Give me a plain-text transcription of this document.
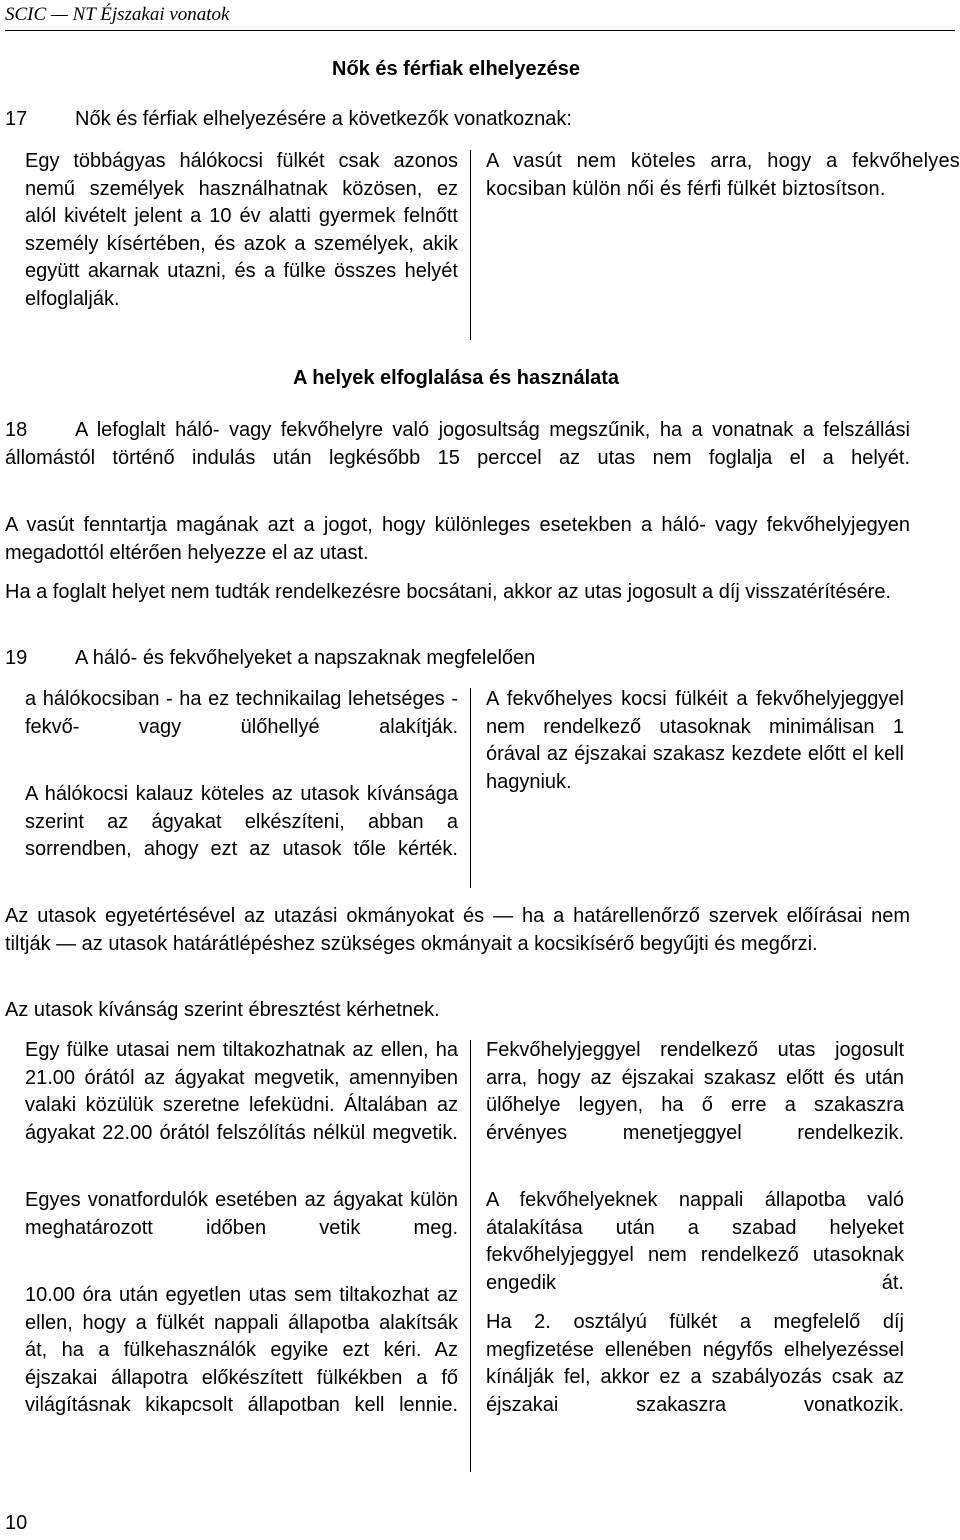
SCIC — NT Éjszakai vonatok
Nők és férfiak elhelyezése
17 Nők és férfiak elhelyezésére a következők vonatkoznak:

Egy többágyas hálókocsi fülkét csak azonos nemű személyek használhatnak közösen, ez alól kivételt jelent a 10 év alatti gyermek felnőtt személy kísértében, és azok a személyek, akik együtt akarnak utazni, és a fülke összes helyét elfoglalják.

A vasút nem köteles arra, hogy a fekvőhelyes kocsiban külön női és férfi fülkét biztosítson.

A helyek elfoglalása és használata

18 A lefoglalt háló- vagy fekvőhelyre való jogosultság megszűnik, ha a vonatnak a felszállási állomástól történő indulás után legkésőbb 15 perccel az utas nem foglalja el a helyét.

A vasút fenntartja magának azt a jogot, hogy különleges esetekben a háló- vagy fekvőhelyjegyen megadottól eltérően helyezze el az utast.

Ha a foglalt helyet nem tudták rendelkezésre bocsátani, akkor az utas jogosult a díj visszatérítésére.

19 A háló- és fekvőhelyeket a napszaknak megfelelően

a hálókocsiban - ha ez technikailag lehetséges - fekvő- vagy ülőhellyé alakítják.

A hálókocsi kalauz köteles az utasok kívánsága szerint az ágyakat elkészíteni, abban a sorrendben, ahogy ezt az utasok tőle kérték.

A fekvőhelyes kocsi fülkéit a fekvőhelyjeggyel nem rendelkező utasoknak minimálisan 1 órával az éjszakai szakasz kezdete előtt el kell hagyniuk.

Az utasok egyetértésével az utazási okmányokat és — ha a határellenőrző szervek előírásai nem tiltják — az utasok határátlépéshez szükséges okmányait a kocsikísérő begyűjti és megőrzi.

Az utasok kívánság szerint ébresztést kérhetnek.

Egy fülke utasai nem tiltakozhatnak az ellen, ha 21.00 órától az ágyakat megvetik, amennyiben valaki közülük szeretne lefeküdni. Általában az ágyakat 22.00 órától felszólítás nélkül megvetik.

Egyes vonatfordulók esetében az ágyakat külön meghatározott időben vetik meg.

10.00 óra után egyetlen utas sem tiltakozhat az ellen, hogy a fülkét nappali állapotba alakítsák át, ha a fülkehasználók egyike ezt kéri. Az éjszakai állapotra előkészített fülkékben a fő világításnak kikapcsolt állapotban kell lennie.

Fekvőhelyjeggyel rendelkező utas jogosult arra, hogy az éjszakai szakasz előtt és után ülőhelye legyen, ha ő erre a szakaszra érvényes menetjeggyel rendelkezik.

A fekvőhelyeknek nappali állapotba való átalakítása után a szabad helyeket fekvőhelyjeggyel nem rendelkező utasoknak engedik át.

Ha 2. osztályú fülkét a megfelelő díj megfizetése ellenében négyfős elhelyezéssel kínálják fel, akkor ez a szabályozás csak az éjszakai szakaszra vonatkozik.

10
